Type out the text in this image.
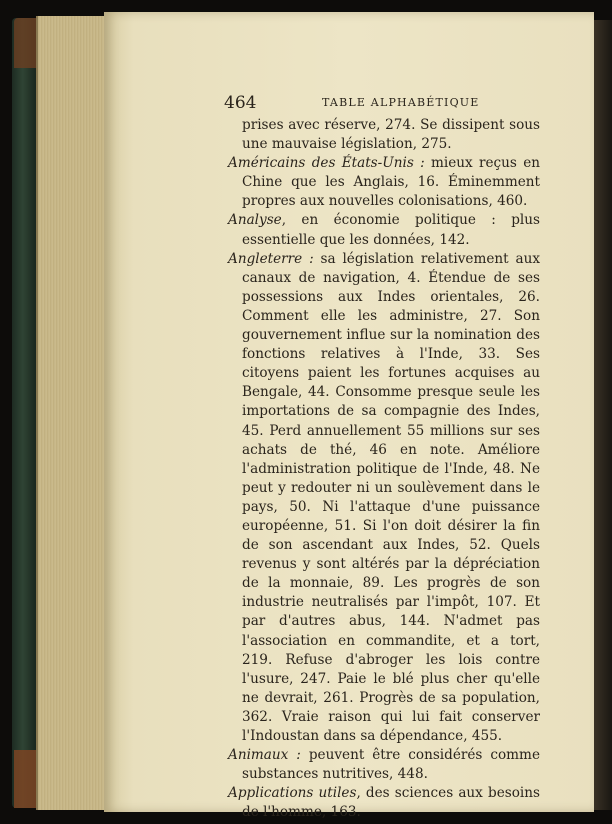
464	TABLE ALPHABÉTIQUE

prises avec réserve, 274. Se dissipent sous une mauvaise législation, 275.

Américains des États-Unis : mieux reçus en Chine que les Anglais, 16. Éminemment propres aux nouvelles colonisations, 460.

Analyse, en économie politique : plus essentielle que les données, 142.

Angleterre : sa législation relativement aux canaux de navigation, 4. Étendue de ses possessions aux Indes orientales, 26. Comment elle les administre, 27. Son gouvernement influe sur la nomination des fonctions relatives à l'Inde, 33. Ses citoyens paient les fortunes acquises au Bengale, 44. Consomme presque seule les importations de sa compagnie des Indes, 45. Perd annuellement 55 millions sur ses achats de thé, 46 en note. Améliore l'administration politique de l'Inde, 48. Ne peut y redouter ni un soulèvement dans le pays, 50. Ni l'attaque d'une puissance européenne, 51. Si l'on doit désirer la fin de son ascendant aux Indes, 52. Quels revenus y sont altérés par la dépréciation de la monnaie, 89. Les progrès de son industrie neutralisés par l'impôt, 107. Et par d'autres abus, 144. N'admet pas l'association en commandite, et a tort, 219. Refuse d'abroger les lois contre l'usure, 247. Paie le blé plus cher qu'elle ne devrait, 261. Progrès de sa population, 362. Vraie raison qui lui fait conserver l'Indoustan dans sa dépendance, 455.

Animaux : peuvent être considérés comme substances nutritives, 448.

Applications utiles, des sciences aux besoins de l'homme, 163.
